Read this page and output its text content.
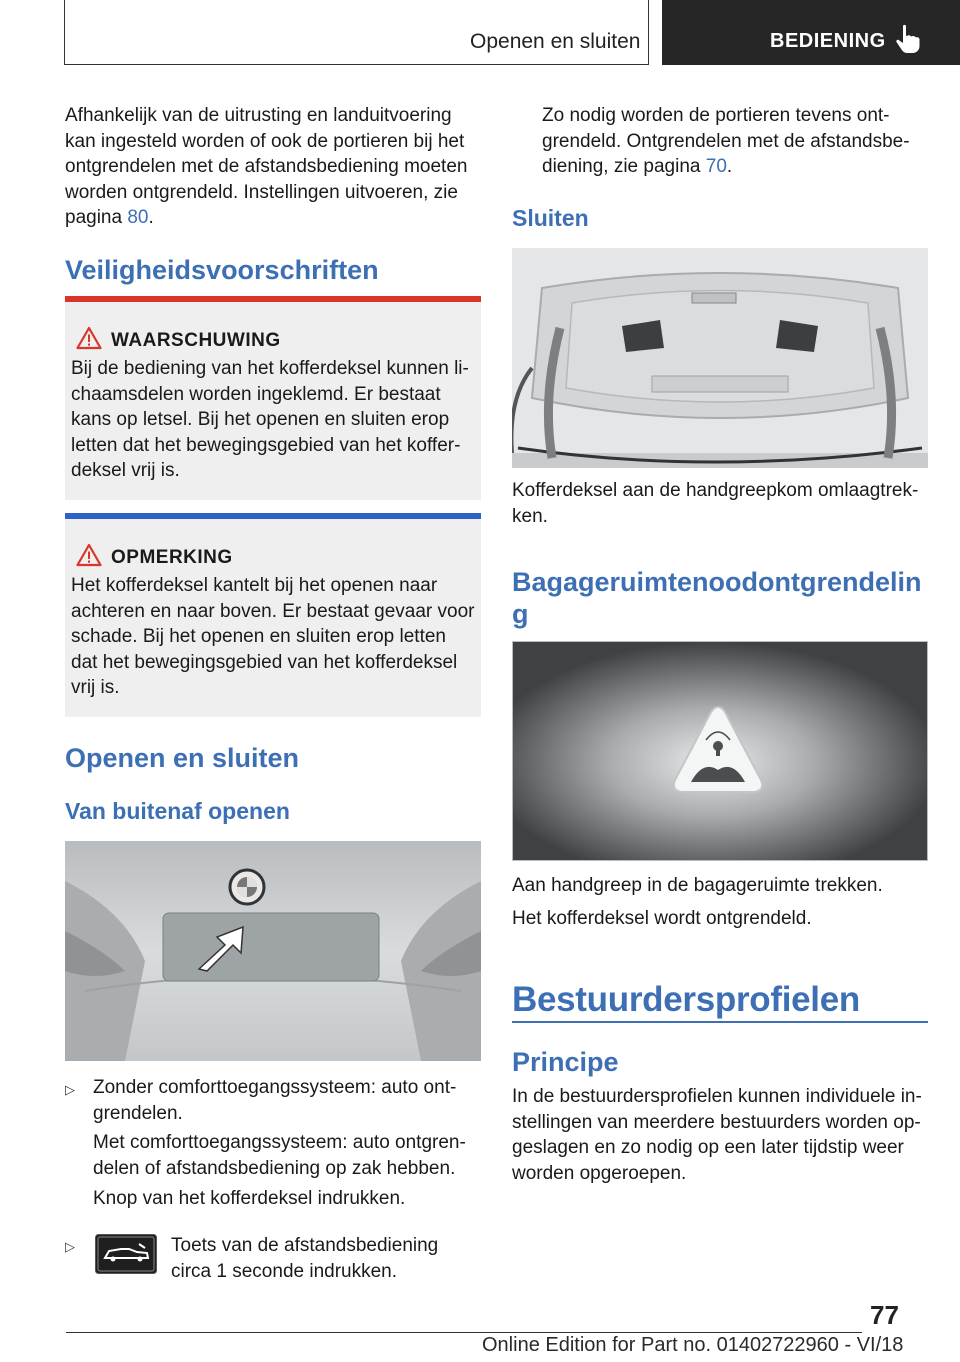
Openen en sluiten	BEDIENING

Afhankelijk van de uitrusting en landuitvoering kan ingesteld worden of ook de portieren bij het ontgrendelen met de afstandsbediening moeten worden ontgrendeld. Instellingen uitvoeren, zie pagina 80.

Veiligheidsvoorschriften
WAARSCHUWING

Bij de bediening van het kofferdeksel kunnen lichaamsdelen worden ingeklemd. Er bestaat kans op letsel. Bij het openen en sluiten erop letten dat het bewegingsgebied van het kofferdeksel vrij is.

OPMERKING

Het kofferdeksel kantelt bij het openen naar achteren en naar boven. Er bestaat gevaar voor schade. Bij het openen en sluiten erop letten dat het bewegingsgebied van het kofferdeksel vrij is.

Openen en sluiten
Van buitenaf openen
▷ Zonder comforttoegangssysteem: auto ontgrendelen.

Met comforttoegangssysteem: auto ontgrendelen of afstandsbediening op zak hebben.

Knop van het kofferdeksel indrukken.

▷	Toets van de afstandsbediening circa 1 seconde indrukken.

Zo nodig worden de portieren tevens ontgrendeld. Ontgrendelen met de afstandsbediening, zie pagina 70.

Sluiten

Kofferdeksel aan de handgreepkom omlaagtrekken.

Bagageruimtenoodontgrendelin g

Aan handgreep in de bagageruimte trekken.

Het kofferdeksel wordt ontgrendeld.

Bestuurdersprofielen
Principe

In de bestuurdersprofielen kunnen individuele instellingen van meerdere bestuurders worden opgeslagen en zo nodig op een later tijdstip weer worden opgeroepen.

77
Online Edition for Part no. 01402722960 - VI/18
